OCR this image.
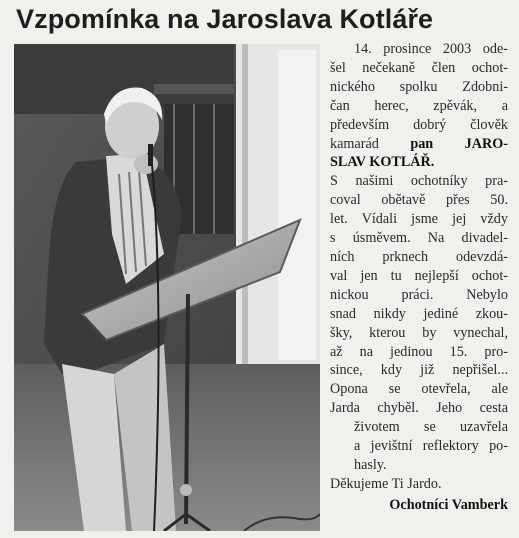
Vzpomínka na Jaroslava Kotláře

14. prosince 2003 ode-

šel nečekaně člen ochot-

nického spolku Zdobni-

čan herec, zpěvák, a

především dobrý člověk

kamarád pan JARO-

SLAV KOTLÁŘ.

S našimi ochotníky pra-

coval obětavě přes 50.

let. Vídali jsme jej vždy

s úsměvem. Na divadel-

ních prknech odevzdá-

val jen tu nejlepší ochot-

nickou práci. Nebylo

snad nikdy jediné zkou-

šky, kterou by vynechal,

až na jedinou 15. pro-

since, kdy již nepřišel...

Opona se otevřela, ale

Jarda chyběl. Jeho cesta

životem se uzavřela

a jevištní reflektory po-

hasly.

Děkujeme Ti Jardo.

Ochotníci Vamberk
